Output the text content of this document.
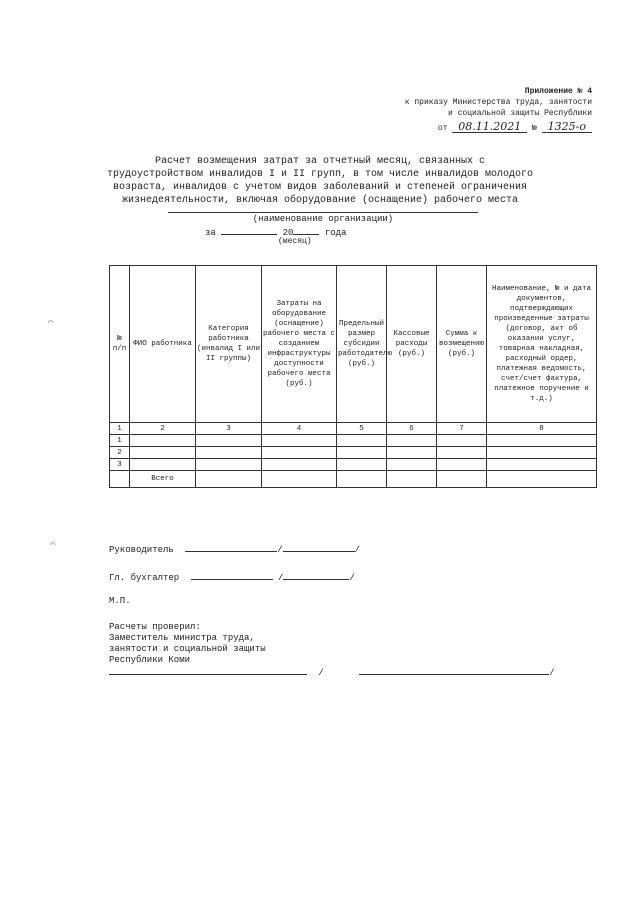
Приложение № 4
к приказу Министерства труда, занятости
и социальной защиты Республики
от 08.11.2021 № 1325-о
Расчет возмещения затрат за отчетный месяц, связанных с
трудоустройством инвалидов I и II групп, в том числе инвалидов молодого
возраста, инвалидов с учетом видов заболеваний и степеней ограничения
жизнедеятельности, включая оборудование (оснащение) рабочего места
(наименование организации)
за	20	года
(месяц)
№ п/п	ФИО работника	Категория работника (инвалид I или II группы)	Затраты на оборудование (оснащение) рабочего места с созданием инфраструктуры доступности рабочего места (руб.)	Предельный размер субсидии работодателю (руб.)	Кассовые расходы (руб.)	Сумма к возмещению (руб.)	Наименование, № и дата документов, подтверждающих произведенные затраты (договор, акт об оказании услуг, товарная накладная, расходный ордер, платежная ведомость, счет/счет фактура, платежное поручение и т.д.)
1	2	3	4	5	6	7	8
1							
2							
3							
	Всего						
Руководитель	/	/
Гл. бухгалтер	/	/
М.П.
Расчеты проверил:
Заместитель министра труда,
занятости и социальной защиты
Республики Коми
/	/
⌒
⌒
